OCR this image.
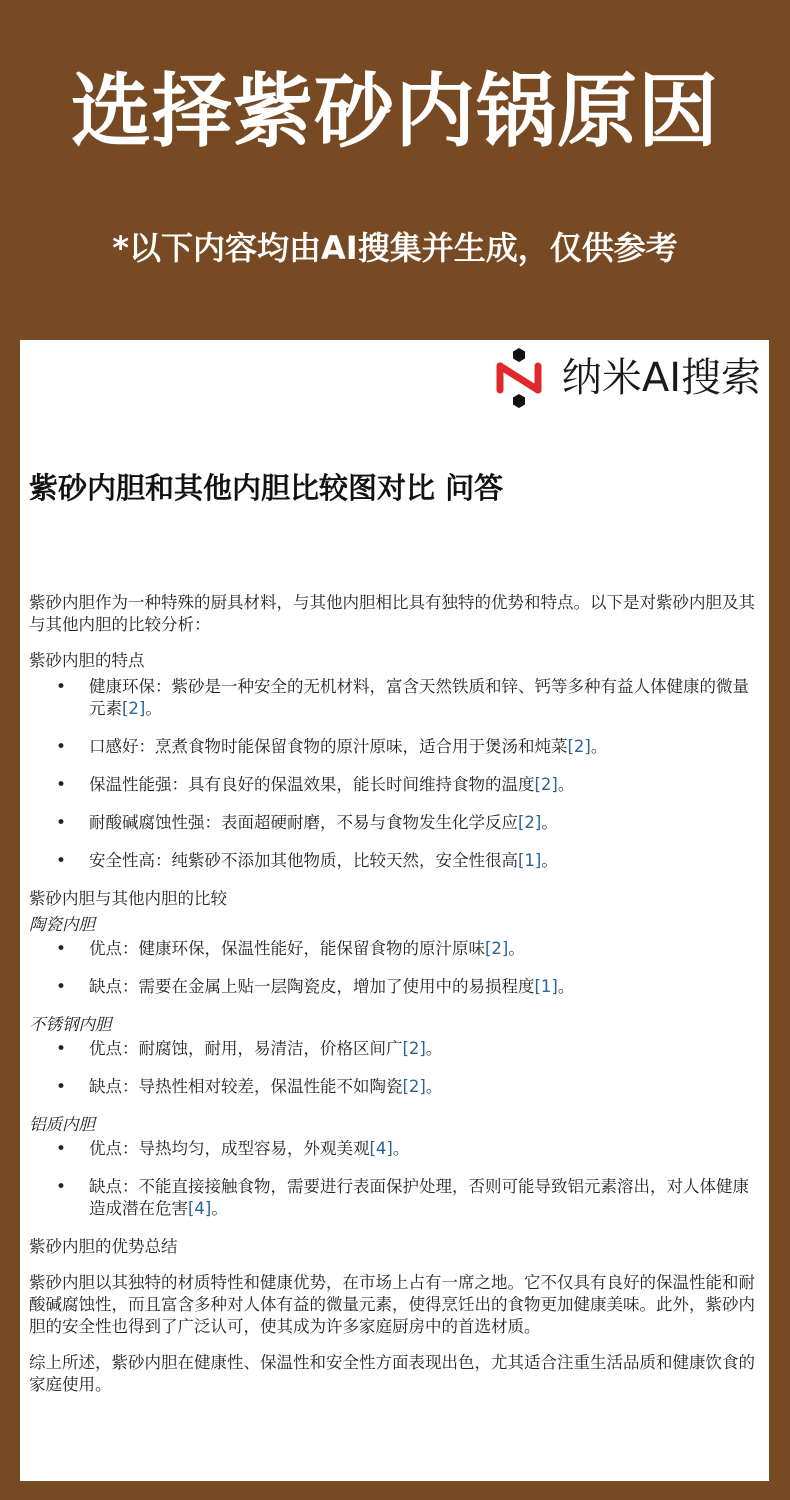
选择紫砂内锅原因
*以下内容均由AI搜集并生成，仅供参考
纳米AI搜索
紫砂内胆和其他内胆比较图对比 问答

紫砂内胆作为一种特殊的厨具材料，与其他内胆相比具有独特的优势和特点。以下是对紫砂内胆及其与其他内胆的比较分析：

紫砂内胆的特点
• 健康环保：紫砂是一种安全的无机材料，富含天然铁质和锌、钙等多种有益人体健康的微量元素[2]。
• 口感好：烹煮食物时能保留食物的原汁原味，适合用于煲汤和炖菜[2]。
• 保温性能强：具有良好的保温效果，能长时间维持食物的温度[2]。
• 耐酸碱腐蚀性强：表面超硬耐磨，不易与食物发生化学反应[2]。
• 安全性高：纯紫砂不添加其他物质，比较天然，安全性很高[1]。
紫砂内胆与其他内胆的比较
陶瓷内胆
• 优点：健康环保，保温性能好，能保留食物的原汁原味[2]。
• 缺点：需要在金属上贴一层陶瓷皮，增加了使用中的易损程度[1]。
不锈钢内胆
• 优点：耐腐蚀，耐用，易清洁，价格区间广[2]。
• 缺点：导热性相对较差，保温性能不如陶瓷[2]。
铝质内胆
• 优点：导热均匀，成型容易，外观美观[4]。
• 缺点：不能直接接触食物，需要进行表面保护处理，否则可能导致铝元素溶出，对人体健康造成潜在危害[4]。

紫砂内胆的优势总结

紫砂内胆以其独特的材质特性和健康优势，在市场上占有一席之地。它不仅具有良好的保温性能和耐酸碱腐蚀性，而且富含多种对人体有益的微量元素，使得烹饪出的食物更加健康美味。此外，紫砂内胆的安全性也得到了广泛认可，使其成为许多家庭厨房中的首选材质。

综上所述，紫砂内胆在健康性、保温性和安全性方面表现出色，尤其适合注重生活品质和健康饮食的家庭使用。
